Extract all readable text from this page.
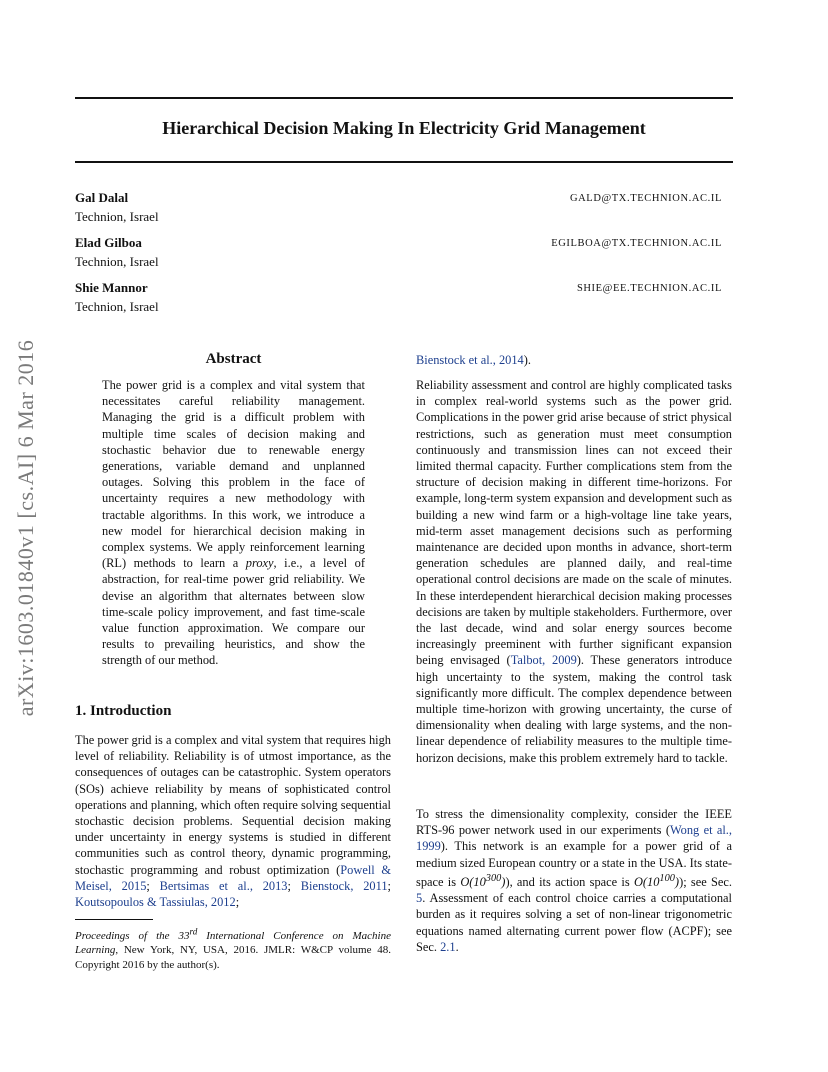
Hierarchical Decision Making In Electricity Grid Management
Gal Dalal
Technion, Israel
GALD@TX.TECHNION.AC.IL
Elad Gilboa
Technion, Israel
EGILBOA@TX.TECHNION.AC.IL
Shie Mannor
Technion, Israel
SHIE@EE.TECHNION.AC.IL
arXiv:1603.01840v1 [cs.AI] 6 Mar 2016	Abstract
The power grid is a complex and vital system that necessitates careful reliability management. Managing the grid is a difficult problem with multiple time scales of decision making and stochastic behavior due to renewable energy generations, variable demand and unplanned outages. Solving this problem in the face of uncertainty requires a new methodology with tractable algorithms. In this work, we introduce a new model for hierarchical decision making in complex systems. We apply reinforcement learning (RL) methods to learn a proxy, i.e., a level of abstraction, for real-time power grid reliability. We devise an algorithm that alternates between slow time-scale policy improvement, and fast time-scale value function approximation. We compare our results to prevailing heuristics, and show the strength of our method.
1. Introduction
The power grid is a complex and vital system that requires high level of reliability. Reliability is of utmost importance, as the consequences of outages can be catastrophic. System operators (SOs) achieve reliability by means of sophisticated control operations and planning, which often require solving sequential stochastic decision problems. Sequential decision making under uncertainty in energy systems is studied in different communities such as control theory, dynamic programming, stochastic programming and robust optimization (Powell & Meisel, 2015; Bertsimas et al., 2013; Bienstock, 2011; Koutsopoulos & Tassiulas, 2012;
Proceedings of the 33rd International Conference on Machine Learning, New York, NY, USA, 2016. JMLR: W&CP volume 48. Copyright 2016 by the author(s).
Bienstock et al., 2014).
Reliability assessment and control are highly complicated tasks in complex real-world systems such as the power grid. Complications in the power grid arise because of strict physical restrictions, such as generation must meet consumption continuously and transmission lines can not exceed their limited thermal capacity. Further complications stem from the structure of decision making in different time-horizons. For example, long-term system expansion and development such as building a new wind farm or a high-voltage line take years, mid-term asset management decisions such as performing maintenance are decided upon months in advance, short-term generation schedules are planned daily, and real-time operational control decisions are made on the scale of minutes. In these interdependent hierarchical decision making processes decisions are taken by multiple stakeholders. Furthermore, over the last decade, wind and solar energy sources become increasingly preeminent with further significant expansion being envisaged (Talbot, 2009). These generators introduce high uncertainty to the system, making the control task significantly more difficult. The complex dependence between multiple time-horizon with growing uncertainty, the curse of dimensionality when dealing with large systems, and the non-linear dependence of reliability measures to the multiple time-horizon decisions, make this problem extremely hard to tackle.
To stress the dimensionality complexity, consider the IEEE RTS-96 power network used in our experiments (Wong et al., 1999). This network is an example for a power grid of a medium sized European country or a state in the USA. Its state-space is $O(10^{300})$), and its action space is $O(10^{100})$); see Sec. 5. Assessment of each control choice carries a computational burden as it requires solving a set of non-linear trigonometric equations named alternating current power flow (ACPF); see Sec. 2.1.
